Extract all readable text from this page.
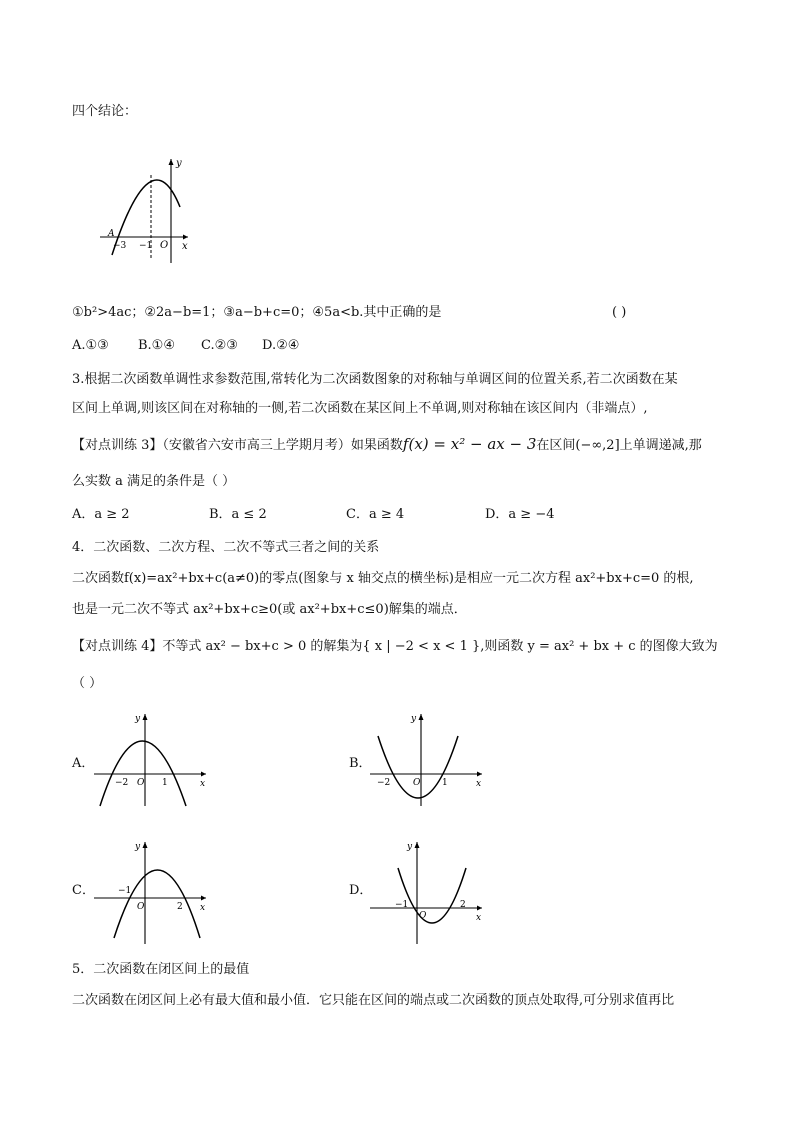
四个结论：
y
x
O
A
−3 −1
①b²>4ac；②2a−b=1；③a−b+c=0；④5a<b.其中正确的是	( )
A.①③ B.①④ C.②③ D.②④
3.根据二次函数单调性求参数范围,常转化为二次函数图象的对称轴与单调区间的位置关系,若二次函数在某
区间上单调,则该区间在对称轴的一侧,若二次函数在某区间上不单调,则对称轴在该区间内（非端点）,
【对点训练 3】（安徽省六安市高三上学期月考）如果函数f(x) = x² − ax − 3在区间(−∞,2]上单调递减,那
么实数 a 满足的条件是（ ）
A．a ≥ 2	B．a ≤ 2	C．a ≥ 4	D．a ≥ −4
4．二次函数、二次方程、二次不等式三者之间的关系
二次函数f(x)=ax²+bx+c(a≠0)的零点(图象与 x 轴交点的横坐标)是相应一元二次方程 ax²+bx+c=0 的根,
也是一元二次不等式 ax²+bx+c≥0(或 ax²+bx+c≤0)解集的端点．
【对点训练 4】不等式 ax² − bx+c > 0 的解集为{ x | −2 < x < 1 },则函数 y = ax² + bx + c 的图像大致为
（ ）
A．
y
x
−2 O 1
B．
y
x
−2	O 1
C．
y
x
−1
O	2
D．
y
x
−1
O
2
5．二次函数在闭区间上的最值
二次函数在闭区间上必有最大值和最小值．它只能在区间的端点或二次函数的顶点处取得,可分别求值再比
